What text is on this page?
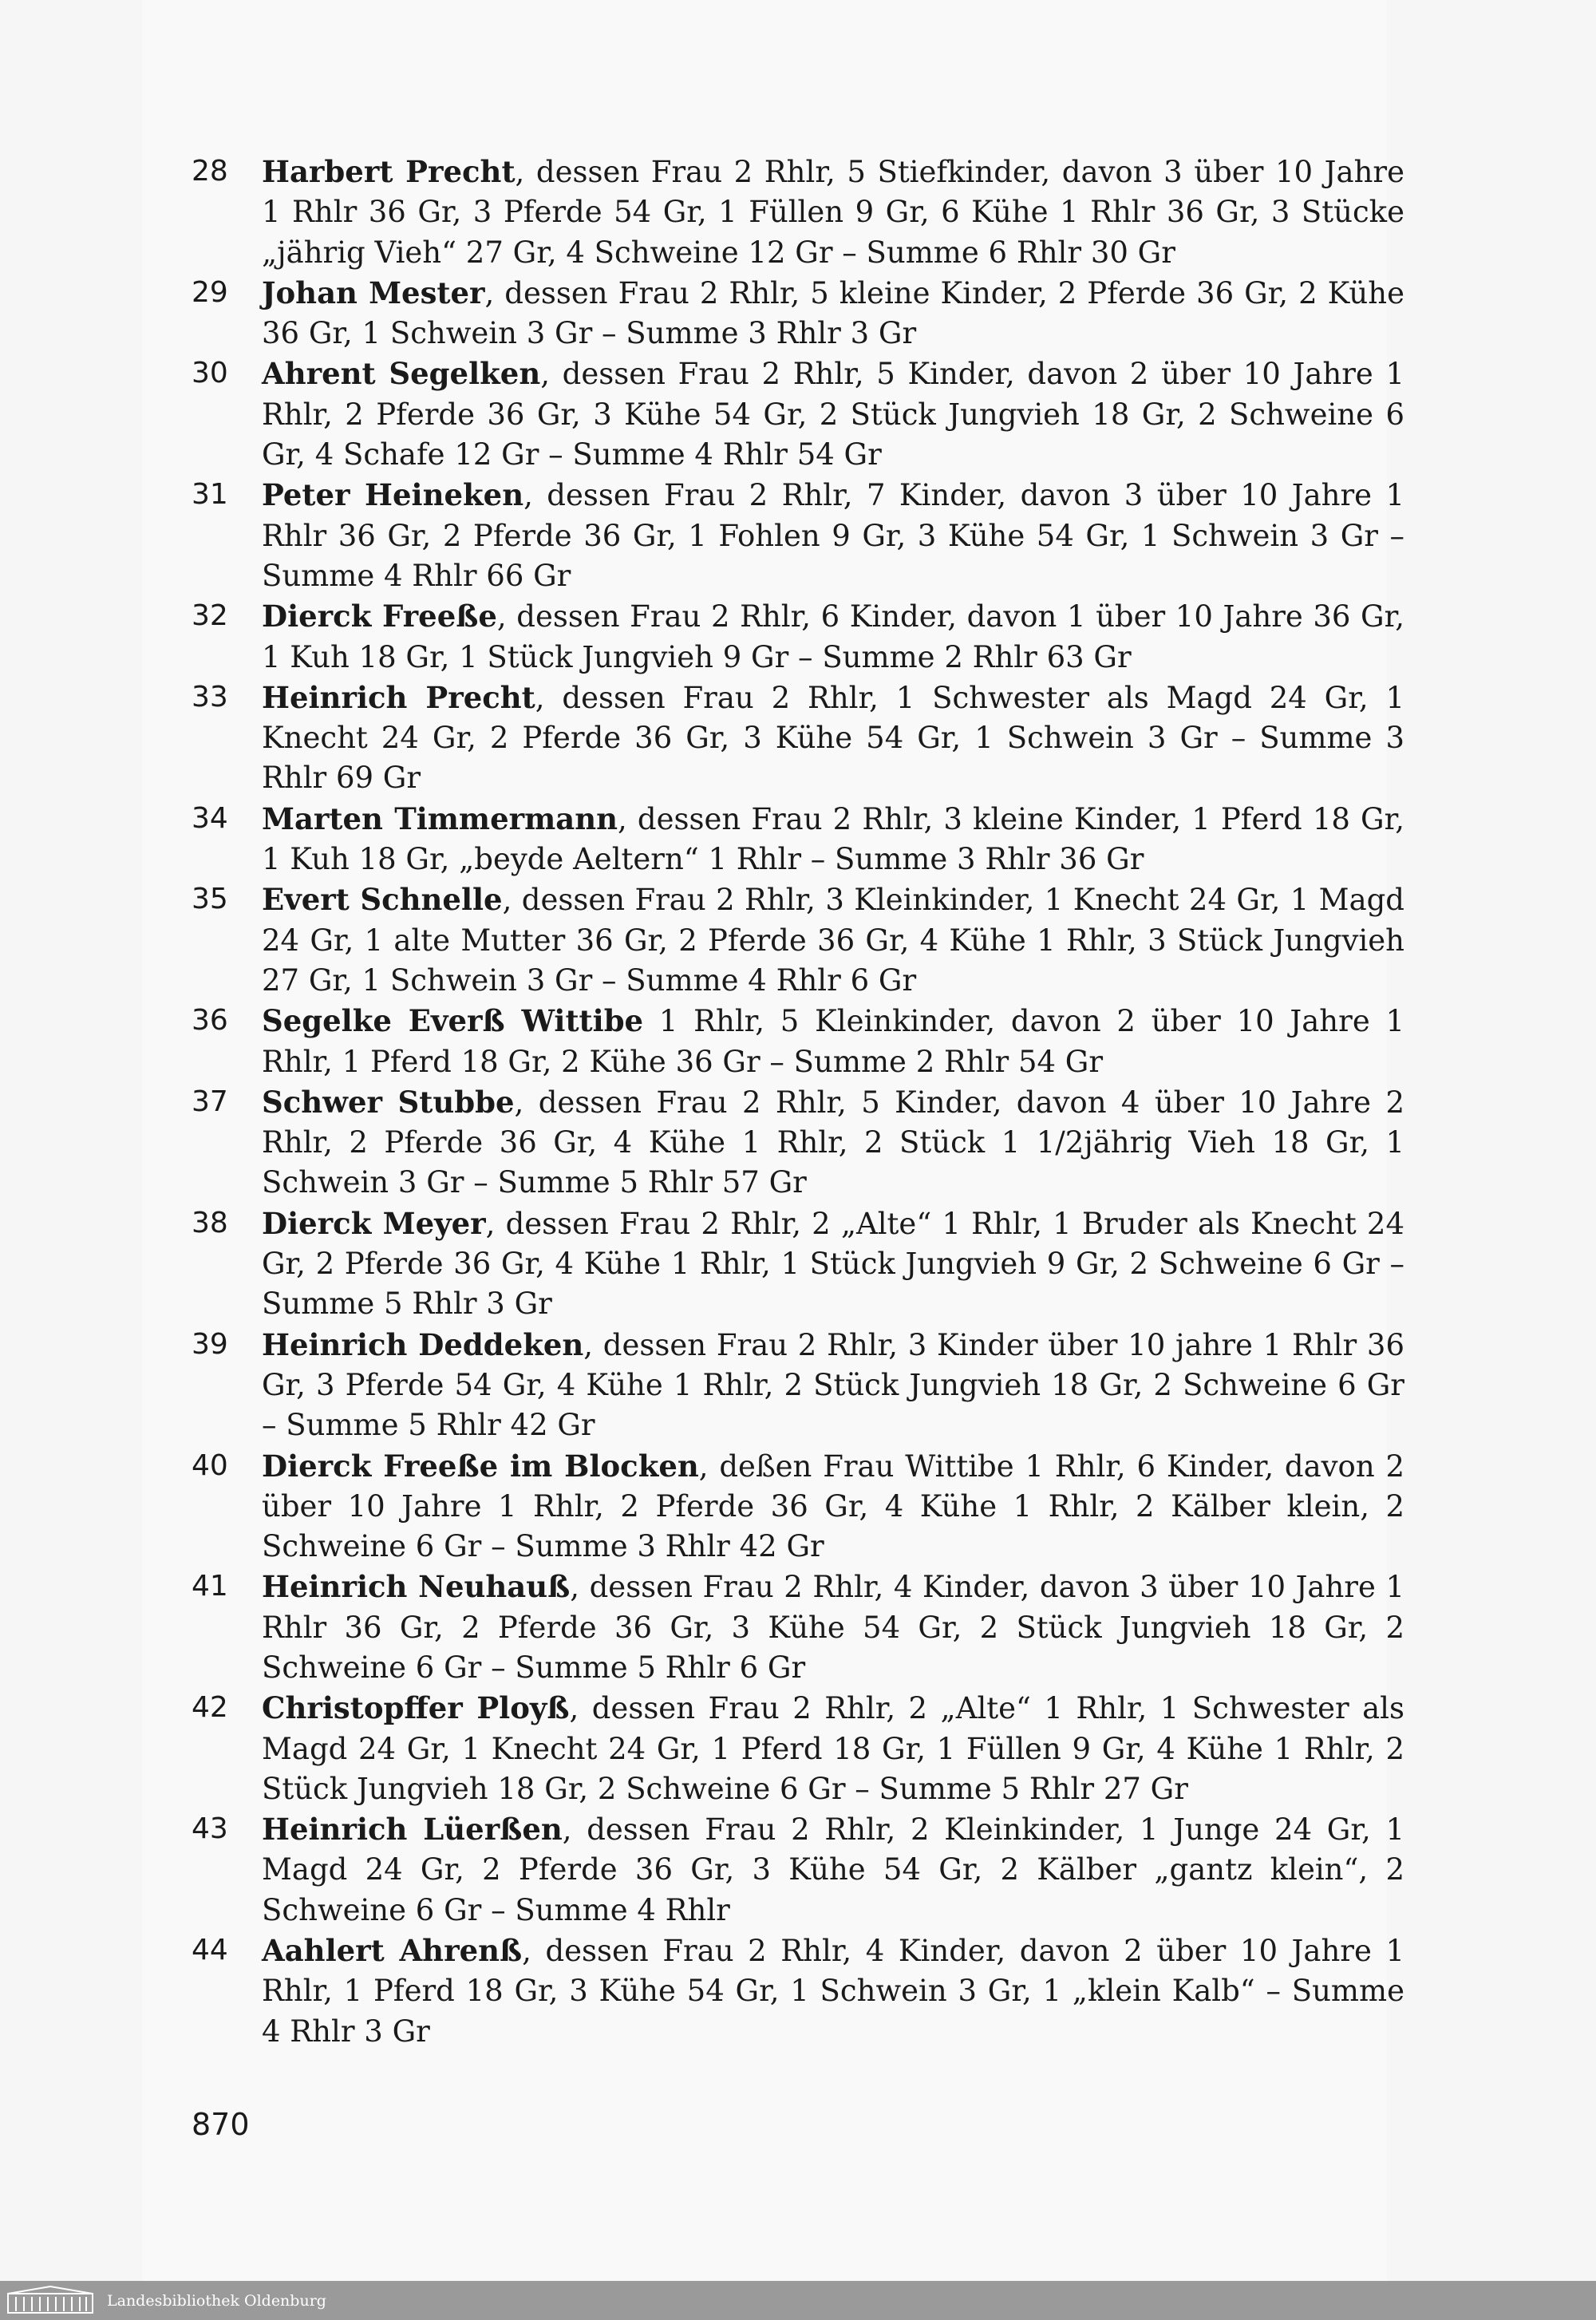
28 Harbert Precht, dessen Frau 2 Rhlr, 5 Stiefkinder, davon 3 über 10 Jahre 1 Rhlr 36 Gr, 3 Pferde 54 Gr, 1 Füllen 9 Gr, 6 Kühe 1 Rhlr 36 Gr, 3 Stücke „jährig Vieh“ 27 Gr, 4 Schweine 12 Gr – Summe 6 Rhlr 30 Gr
29 Johan Mester, dessen Frau 2 Rhlr, 5 kleine Kinder, 2 Pferde 36 Gr, 2 Kühe 36 Gr, 1 Schwein 3 Gr – Summe 3 Rhlr 3 Gr
30 Ahrent Segelken, dessen Frau 2 Rhlr, 5 Kinder, davon 2 über 10 Jahre 1 Rhlr, 2 Pferde 36 Gr, 3 Kühe 54 Gr, 2 Stück Jungvieh 18 Gr, 2 Schweine 6 Gr, 4 Schafe 12 Gr – Summe 4 Rhlr 54 Gr
31 Peter Heineken, dessen Frau 2 Rhlr, 7 Kinder, davon 3 über 10 Jahre 1 Rhlr 36 Gr, 2 Pferde 36 Gr, 1 Fohlen 9 Gr, 3 Kühe 54 Gr, 1 Schwein 3 Gr – Summe 4 Rhlr 66 Gr
32 Dierck Freeße, dessen Frau 2 Rhlr, 6 Kinder, davon 1 über 10 Jahre 36 Gr, 1 Kuh 18 Gr, 1 Stück Jungvieh 9 Gr – Summe 2 Rhlr 63 Gr
33 Heinrich Precht, dessen Frau 2 Rhlr, 1 Schwester als Magd 24 Gr, 1 Knecht 24 Gr, 2 Pferde 36 Gr, 3 Kühe 54 Gr, 1 Schwein 3 Gr – Summe 3 Rhlr 69 Gr
34 Marten Timmermann, dessen Frau 2 Rhlr, 3 kleine Kinder, 1 Pferd 18 Gr, 1 Kuh 18 Gr, „beyde Aeltern“ 1 Rhlr – Summe 3 Rhlr 36 Gr
35 Evert Schnelle, dessen Frau 2 Rhlr, 3 Kleinkinder, 1 Knecht 24 Gr, 1 Magd 24 Gr, 1 alte Mutter 36 Gr, 2 Pferde 36 Gr, 4 Kühe 1 Rhlr, 3 Stück Jungvieh 27 Gr, 1 Schwein 3 Gr – Summe 4 Rhlr 6 Gr
36 Segelke Everß Wittibe 1 Rhlr, 5 Kleinkinder, davon 2 über 10 Jahre 1 Rhlr, 1 Pferd 18 Gr, 2 Kühe 36 Gr – Summe 2 Rhlr 54 Gr
37 Schwer Stubbe, dessen Frau 2 Rhlr, 5 Kinder, davon 4 über 10 Jahre 2 Rhlr, 2 Pferde 36 Gr, 4 Kühe 1 Rhlr, 2 Stück 1 1/2jährig Vieh 18 Gr, 1 Schwein 3 Gr – Summe 5 Rhlr 57 Gr
38 Dierck Meyer, dessen Frau 2 Rhlr, 2 „Alte“ 1 Rhlr, 1 Bruder als Knecht 24 Gr, 2 Pferde 36 Gr, 4 Kühe 1 Rhlr, 1 Stück Jungvieh 9 Gr, 2 Schweine 6 Gr –Summe 5 Rhlr 3 Gr
39 Heinrich Deddeken, dessen Frau 2 Rhlr, 3 Kinder über 10 jahre 1 Rhlr 36 Gr, 3 Pferde 54 Gr, 4 Kühe 1 Rhlr, 2 Stück Jungvieh 18 Gr, 2 Schweine 6 Gr – Summe 5 Rhlr 42 Gr
40 Dierck Freeße im Blocken, deßen Frau Wittibe 1 Rhlr, 6 Kinder, davon 2 über 10 Jahre 1 Rhlr, 2 Pferde 36 Gr, 4 Kühe 1 Rhlr, 2 Kälber klein, 2 Schweine 6 Gr – Summe 3 Rhlr 42 Gr
41 Heinrich Neuhauß, dessen Frau 2 Rhlr, 4 Kinder, davon 3 über 10 Jahre 1 Rhlr 36 Gr, 2 Pferde 36 Gr, 3 Kühe 54 Gr, 2 Stück Jungvieh 18 Gr, 2 Schweine 6 Gr – Summe 5 Rhlr 6 Gr
42 Christopffer Ployß, dessen Frau 2 Rhlr, 2 „Alte“ 1 Rhlr, 1 Schwester als Magd 24 Gr, 1 Knecht 24 Gr, 1 Pferd 18 Gr, 1 Füllen 9 Gr, 4 Kühe 1 Rhlr, 2 Stück Jungvieh 18 Gr, 2 Schweine 6 Gr – Summe 5 Rhlr 27 Gr
43 Heinrich Lüerßen, dessen Frau 2 Rhlr, 2 Kleinkinder, 1 Junge 24 Gr, 1 Magd 24 Gr, 2 Pferde 36 Gr, 3 Kühe 54 Gr, 2 Kälber „gantz klein“, 2 Schweine 6 Gr – Summe 4 Rhlr
44 Aahlert Ahrenß, dessen Frau 2 Rhlr, 4 Kinder, davon 2 über 10 Jahre 1 Rhlr, 1 Pferd 18 Gr, 3 Kühe 54 Gr, 1 Schwein 3 Gr, 1 „klein Kalb“ – Summe 4 Rhlr 3 Gr
870
Landesbibliothek Oldenburg
